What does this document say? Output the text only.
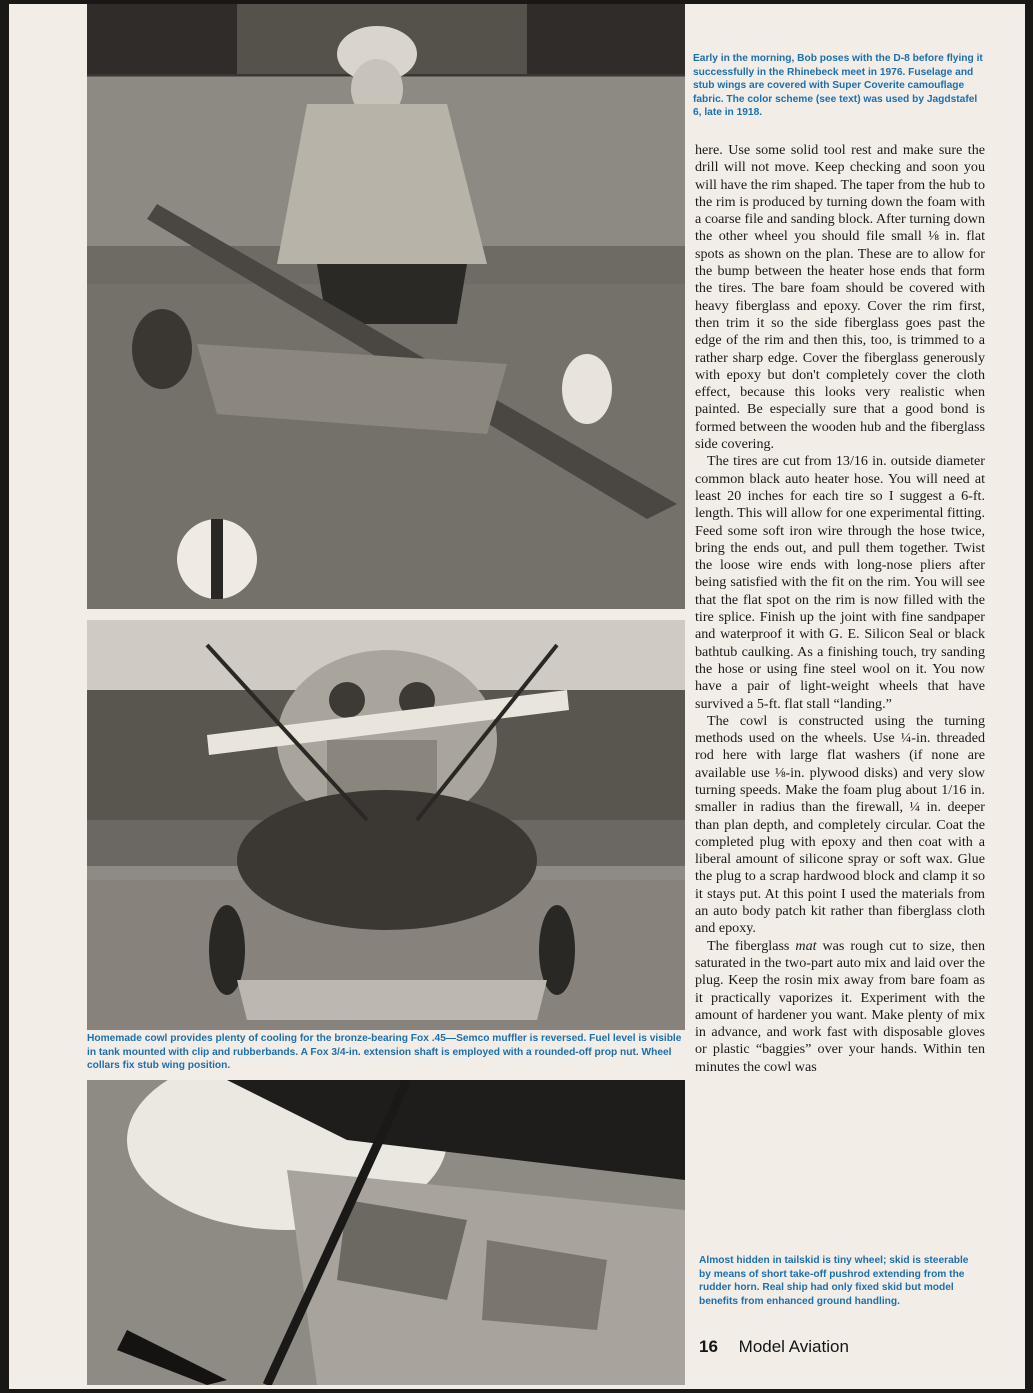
Early in the morning, Bob poses with the D-8 before flying it successfully in the Rhinebeck meet in 1976. Fuselage and stub wings are covered with Super Coverite camouflage fabric. The color scheme (see text) was used by Jagdstafel 6, late in 1918.

Homemade cowl provides plenty of cooling for the bronze-bearing Fox .45—Semco muffler is reversed. Fuel level is visible in tank mounted with clip and rubberbands. A Fox 3/4-in. extension shaft is employed with a rounded-off prop nut. Wheel collars fix stub wing position.

Almost hidden in tailskid is tiny wheel; skid is steerable by means of short take-off pushrod extending from the rudder horn. Real ship had only fixed skid but model benefits from enhanced ground handling.

here. Use some solid tool rest and make sure the drill will not move. Keep checking and soon you will have the rim shaped. The taper from the hub to the rim is produced by turning down the foam with a coarse file and sanding block. After turning down the other wheel you should file small ⅛ in. flat spots as shown on the plan. These are to allow for the bump between the heater hose ends that form the tires. The bare foam should be covered with heavy fiberglass and epoxy. Cover the rim first, then trim it so the side fiberglass goes past the edge of the rim and then this, too, is trimmed to a rather sharp edge. Cover the fiberglass generously with epoxy but don't completely cover the cloth effect, because this looks very realistic when painted. Be especially sure that a good bond is formed between the wooden hub and the fiberglass side covering.

The tires are cut from 13/16 in. outside diameter common black auto heater hose. You will need at least 20 inches for each tire so I suggest a 6-ft. length. This will allow for one experimental fitting. Feed some soft iron wire through the hose twice, bring the ends out, and pull them together. Twist the loose wire ends with long-nose pliers after being satisfied with the fit on the rim. You will see that the flat spot on the rim is now filled with the tire splice. Finish up the joint with fine sandpaper and waterproof it with G. E. Silicon Seal or black bathtub caulking. As a finishing touch, try sanding the hose or using fine steel wool on it. You now have a pair of light-weight wheels that have survived a 5-ft. flat stall “landing.”

The cowl is constructed using the turning methods used on the wheels. Use ¼-in. threaded rod here with large flat washers (if none are available use ⅛-in. plywood disks) and very slow turning speeds. Make the foam plug about 1/16 in. smaller in radius than the firewall, ¼ in. deeper than plan depth, and completely circular. Coat the completed plug with epoxy and then coat with a liberal amount of silicone spray or soft wax. Glue the plug to a scrap hardwood block and clamp it so it stays put. At this point I used the materials from an auto body patch kit rather than fiberglass cloth and epoxy.

The fiberglass mat was rough cut to size, then saturated in the two-part auto mix and laid over the plug. Keep the rosin mix away from bare foam as it practically vaporizes it. Experiment with the amount of hardener you want. Make plenty of mix in advance, and work fast with disposable gloves or plastic “baggies” over your hands. Within ten minutes the cowl was

16 Model Aviation
